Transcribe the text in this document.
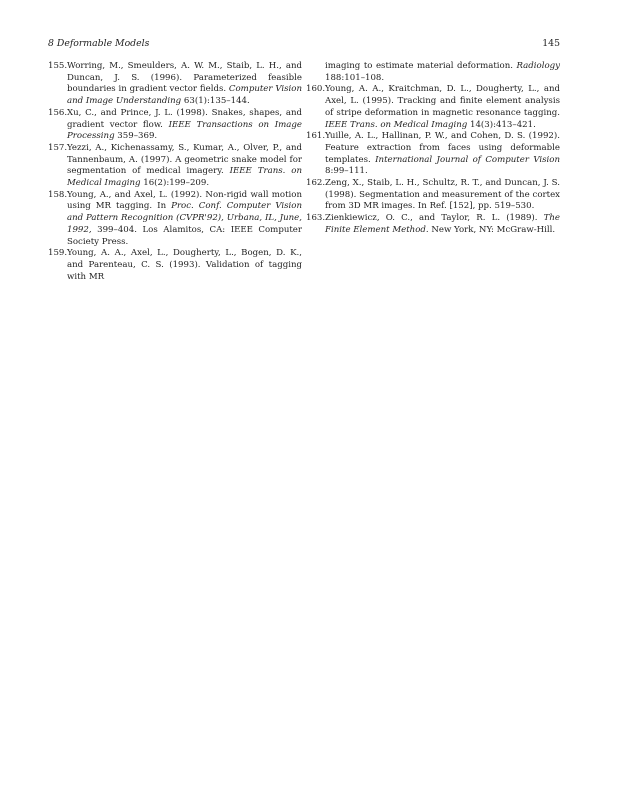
8 Deformable Models	145
155. Worring, M., Smeulders, A. W. M., Staib, L. H., and Duncan, J. S. (1996). Parameterized feasible boundaries in gradient vector fields. Computer Vision and Image Understanding 63(1):135–144.
156. Xu, C., and Prince, J. L. (1998). Snakes, shapes, and gradient vector flow. IEEE Transactions on Image Processing 359–369.
157. Yezzi, A., Kichenassamy, S., Kumar, A., Olver, P., and Tannenbaum, A. (1997). A geometric snake model for segmentation of medical imagery. IEEE Trans. on Medical Imaging 16(2):199–209.
158. Young, A., and Axel, L. (1992). Non-rigid wall motion using MR tagging. In Proc. Conf. Computer Vision and Pattern Recognition (CVPR'92), Urbana, IL, June, 1992, 399–404. Los Alamitos, CA: IEEE Computer Society Press.
159. Young, A. A., Axel, L., Dougherty, L., Bogen, D. K., and Parenteau, C. S. (1993). Validation of tagging with MR
imaging to estimate material deformation. Radiology 188:101–108.
160. Young, A. A., Kraitchman, D. L., Dougherty, L., and Axel, L. (1995). Tracking and finite element analysis of stripe deformation in magnetic resonance tagging. IEEE Trans. on Medical Imaging 14(3):413–421.
161. Yuille, A. L., Hallinan, P. W., and Cohen, D. S. (1992). Feature extraction from faces using deformable templates. International Journal of Computer Vision 8:99–111.
162. Zeng, X., Staib, L. H., Schultz, R. T., and Duncan, J. S. (1998). Segmentation and measurement of the cortex from 3D MR images. In Ref. [152], pp. 519–530.
163. Zienkiewicz, O. C., and Taylor, R. L. (1989). The Finite Element Method. New York, NY: McGraw-Hill.
